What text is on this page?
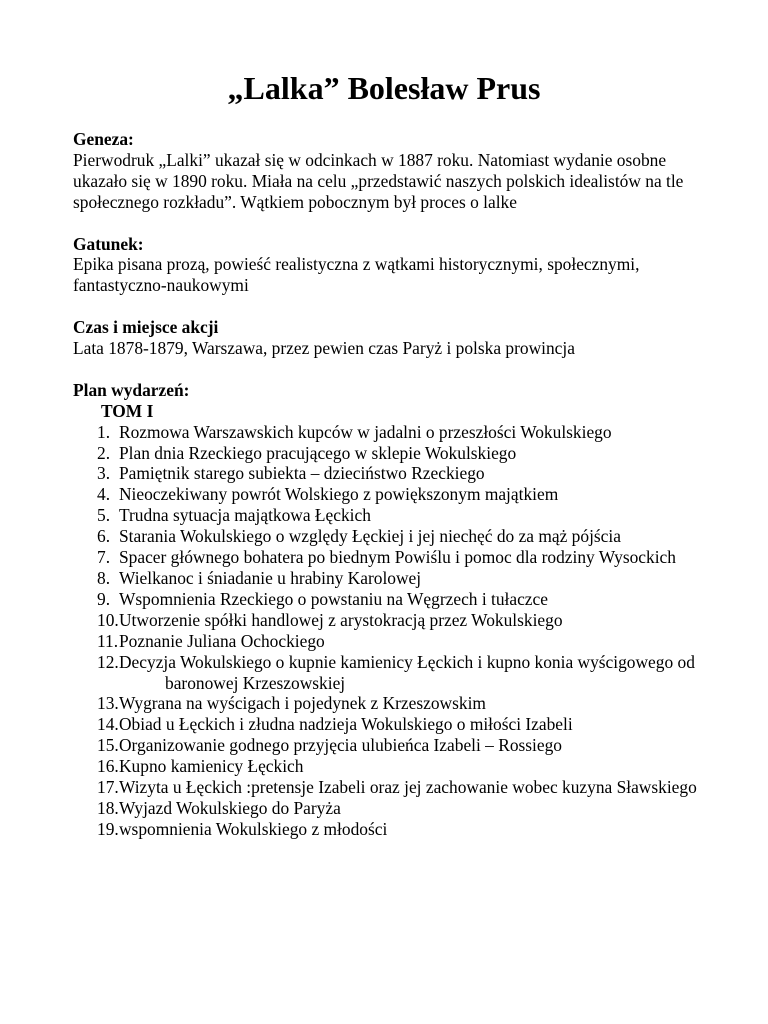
„Lalka” Bolesław Prus
Geneza:
Pierwodruk „Lalki” ukazał się w odcinkach w 1887 roku. Natomiast wydanie osobne ukazało się w 1890 roku. Miała na celu „przedstawić naszych polskich idealistów na tle społecznego rozkładu”. Wątkiem pobocznym był proces o lalke
Gatunek:
Epika pisana prozą, powieść realistyczna z wątkami historycznymi, społecznymi, fantastyczno-naukowymi
Czas i miejsce akcji
Lata 1878-1879, Warszawa, przez pewien czas Paryż i polska prowincja
Plan wydarzeń:
TOM I
1. Rozmowa Warszawskich kupców w jadalni o przeszłości Wokulskiego
2. Plan dnia Rzeckiego pracującego w sklepie Wokulskiego
3. Pamiętnik starego subiekta – dzieciństwo Rzeckiego
4. Nieoczekiwany powrót Wolskiego z powiększonym majątkiem
5. Trudna sytuacja majątkowa Łęckich
6. Starania Wokulskiego o względy Łęckiej i jej niechęć do za mąż pójścia
7. Spacer głównego bohatera po biednym Powiślu i pomoc dla rodziny Wysockich
8. Wielkanoc i śniadanie u hrabiny Karolowej
9. Wspomnienia Rzeckiego o powstaniu na Węgrzech i tułaczce
10. Utworzenie spółki handlowej z arystokracją przez Wokulskiego
11. Poznanie Juliana Ochockiego
12. Decyzja Wokulskiego o kupnie kamienicy Łęckich i kupno konia wyścigowego od baronowej Krzeszowskiej
13. Wygrana na wyścigach i pojedynek z Krzeszowskim
14. Obiad u Łęckich i złudna nadzieja Wokulskiego o miłości Izabeli
15. Organizowanie godnego przyjęcia ulubieńca Izabeli – Rossiego
16. Kupno kamienicy Łęckich
17. Wizyta u Łęckich :pretensje Izabeli oraz jej zachowanie wobec kuzyna Sławskiego
18. Wyjazd Wokulskiego do Paryża
19. wspomnienia Wokulskiego z młodości
